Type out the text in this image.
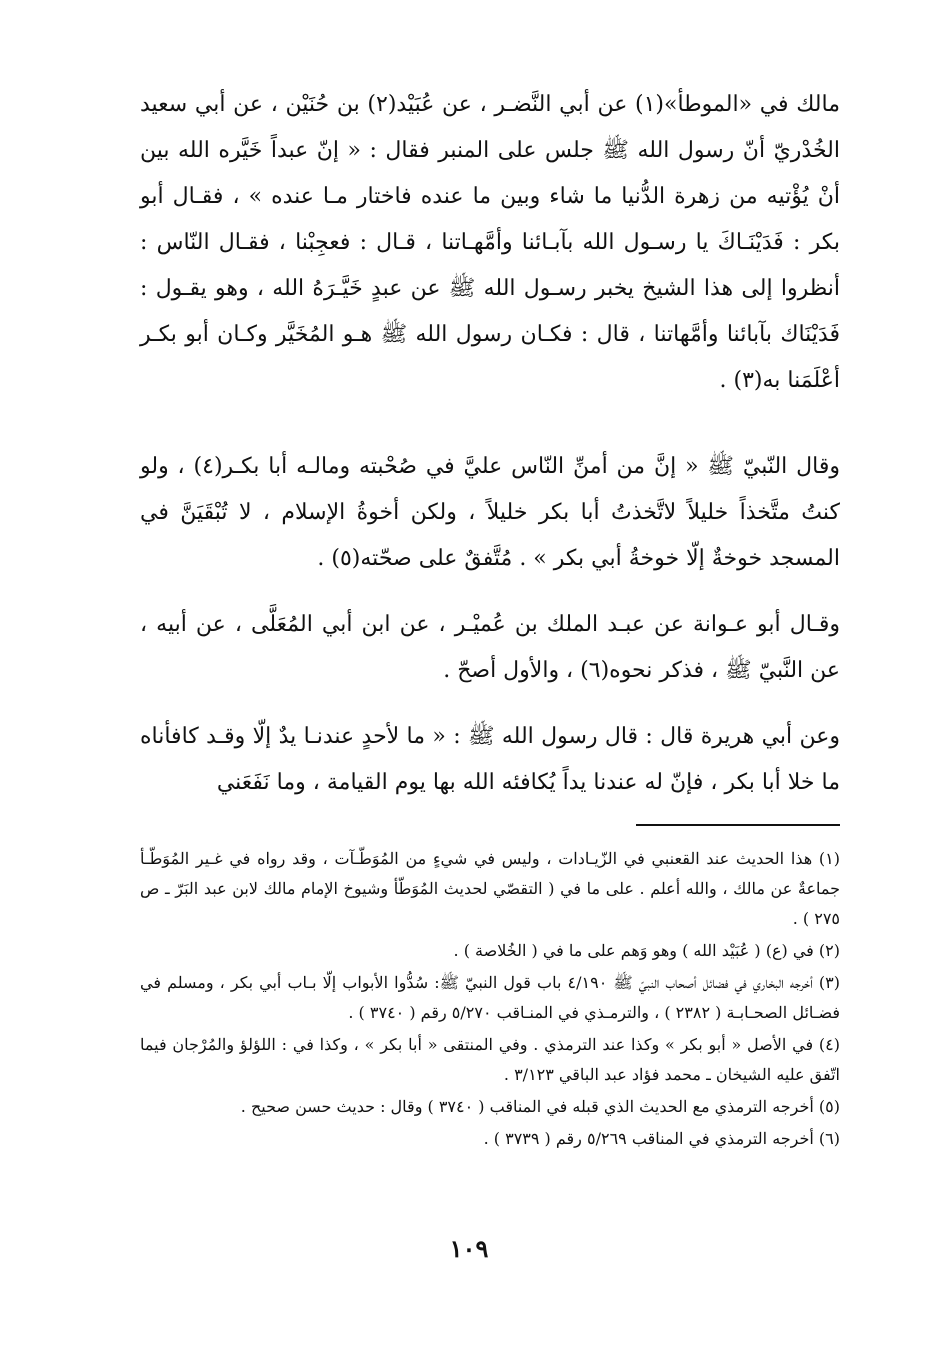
مالك في «الموطأ»(١) عن أبي النَّضـر ، عن عُبَيْد(٢) بن حُنَيْن ، عن أبي سعيد الخُدْريّ أنّ رسول الله ﷺ جلس على المنبر فقال : « إنّ عبداً خَيَّره الله بين أنْ يُؤْتيه من زهرة الدُّنيا ما شاء وبين ما عنده فاختار مـا عنده » ، فقـال أبو بكر : فَدَيْنَـاكَ يا رسـول الله بآبـائنا وأمَّهـاتنا ، قـال : فعجِبْنا ، فقـال النّاس : أنظروا إلى هذا الشيخ يخبر رسـول الله ﷺ عن عبدٍ خَيَّـرَهُ الله ، وهو يقـول : فَدَيْنَاك بآبائنا وأمَّهاتنا ، قال : فكـان رسول الله ﷺ هـو المُخَيَّر وكـان أبو بكـر أعْلَمَنا به(٣) .

وقال النّبيّ ﷺ « إنَّ من أمنِّ النّاس عليَّ في صُحْبته ومالـه أبا بكـر(٤) ، ولو كنتُ متَّخذاً خليلاً لاتَّخذتُ أبا بكر خليلاً ، ولكن أخوةُ الإسلام ، لا تُبْقَيَنَّ في المسجد خوخةٌ إلّا خوخةُ أبي بكر » . مُتَّفقٌ على صحّته(٥) .

وقـال أبو عـوانة عن عبـد الملك بن عُميْـر ، عن ابن أبي المُعَلَّى ، عن أبيه ، عن النَّبيّ ﷺ ، فذكر نحوه(٦) ، والأول أصحّ .

وعن أبي هريرة قال : قال رسول الله ﷺ : « ما لأحدٍ عندنـا يدٌ إلّا وقـد كافأناه ما خلا أبا بكر ، فإنّ له عندنا يداً يُكافئه الله بها يوم القيامة ، وما نَفَعَني

(١) هذا الحديث عند القعنبي في الزّيـادات ، وليس في شيءٍ من المُوَطّـآت ، وقد رواه في غـير المُوَطّـأ جماعةٌ عن مالك ، والله أعلم . على ما في ( التقصّي لحديث المُوَطّأ وشيوخ الإمام مالك لابن عبد البَرّ ـ ص ٢٧٥ ) .

(٢) في (ع) ( عُبَيْد الله ) وهو وَهم على ما في ( الخُلاصة ) .

(٣) أخرجه البخاري في فضائل أصحاب النبيّ ﷺ ٤/١٩٠ باب قول النبيّ ﷺ: سُدُّوا الأبواب إلّا بـاب أبي بكر ، ومسلم في فضـائل الصحـابـة ( ٢٣٨٢ ) ، والترمـذي في المنـاقب ٥/٢٧٠ رقم ( ٣٧٤٠ ) .

(٤) في الأصل « أبو بكر » وكذا عند الترمذي . وفي المنتقى « أبا بكر » ، وكذا في : اللؤلؤ والمُرْجان فيما اتّفق عليه الشيخان ـ محمد فؤاد عبد الباقي ٣/١٢٣ .

(٥) أخرجه الترمذي مع الحديث الذي قبله في المناقب ( ٣٧٤٠ ) وقال : حديث حسن صحيح .

(٦) أخرجه الترمذي في المناقب ٥/٢٦٩ رقم ( ٣٧٣٩ ) .

١٠٩
